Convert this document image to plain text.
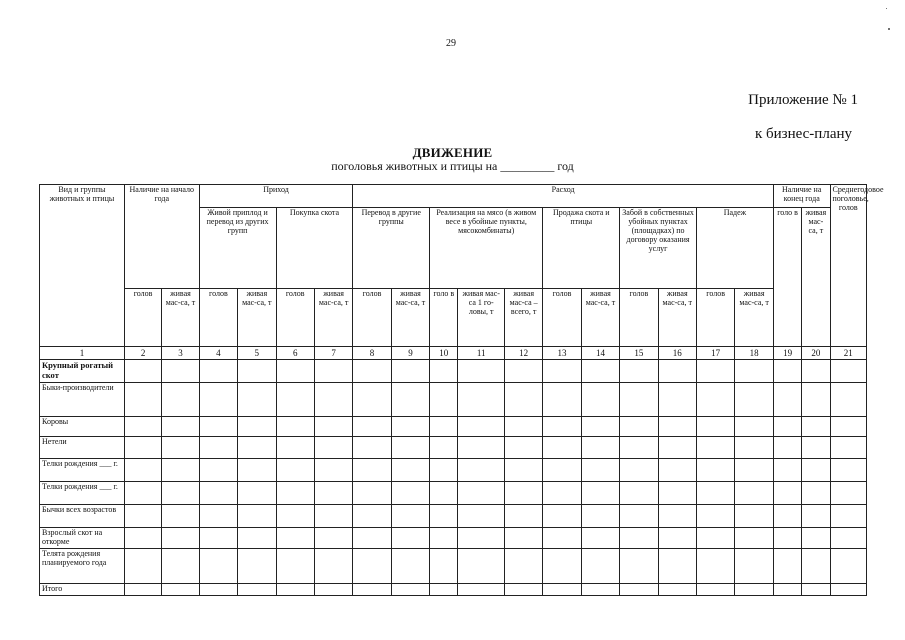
29
Приложение № 1
к бизнес-плану
ДВИЖЕНИЕ
поголовья животных и птицы на _________ год
Вид и группы животных и птицы	Наличие на начало года		Приход				Расход											Наличие на конец года		Среднегодовое поголовье, голов
			Живой приплод и перевод из других групп		Покупка скота		Перевод в другие группы		Реализация на мясо (в живом весе в убойные пункты, мясокомбинаты)			Продажа скота и птицы		Забой в собственных убойных пунктах (площадках) по договору оказания услуг		Падеж		голо в	живая мас-са, т	
	голов	живая мас-са, т	голов	живая мас-са, т	голов	живая мас-са, т	голов	живая мас-са, т	голо в	живая мас-са 1 го-ловы, т	живая мас-са – всего, т	голов	живая мас-са, т	голов	живая мас-са, т	голов	живая мас-са, т			
1	2	3	4	5	6	7	8	9	10	11	12	13	14	15	16	17	18	19	20	21
Крупный рогатый скот																				
Быки-производители																				
Коровы																				
Нетели																				
Телки рождения ___ г.																				
Телки рождения ___ г.																				
Бычки всех возрастов																				
Взрослый скот на откорме																				
Телята рождения планируемого года																				
Итого																				
